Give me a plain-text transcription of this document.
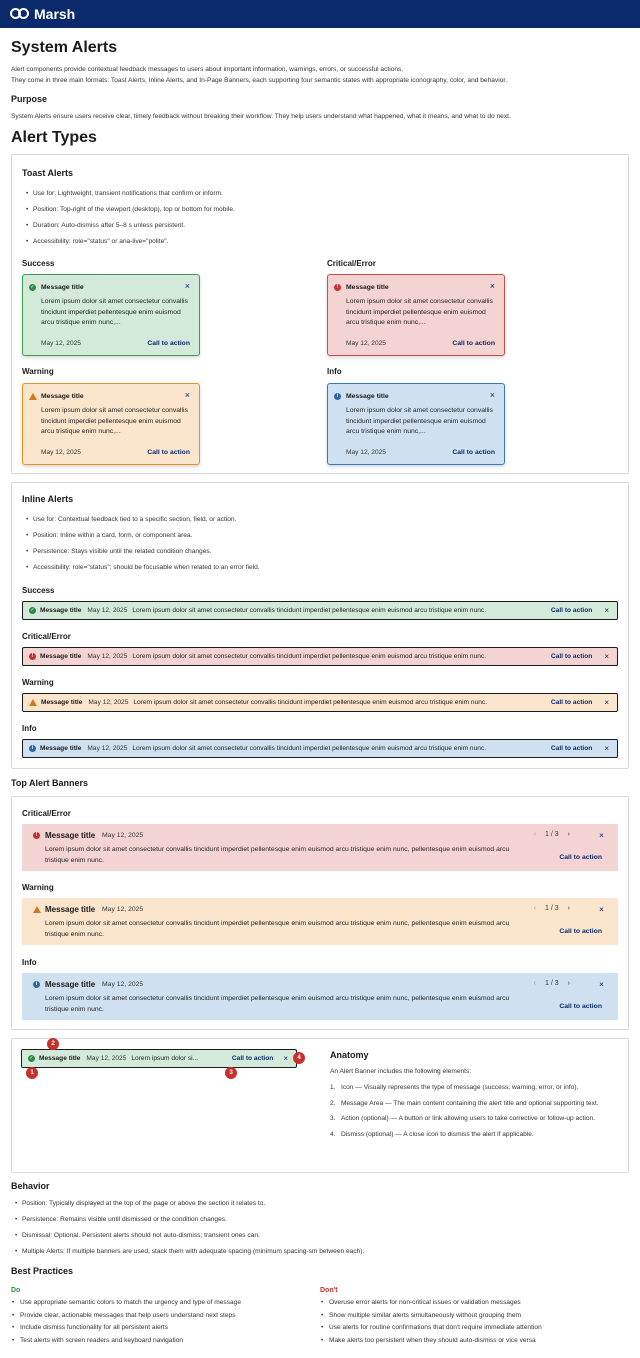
Marsh
System Alerts
Alert components provide contextual feedback messages to users about important information, warnings, errors, or successful actions.
They come in three main formats: Toast Alerts, Inline Alerts, and In-Page Banners, each supporting four semantic states with appropriate iconography, color, and behavior.
Purpose
System Alerts ensure users receive clear, timely feedback without breaking their workflow. They help users understand what happened, what it means, and what to do next.
Alert Types
Toast Alerts
• Use for: Lightweight, transient notifications that confirm or inform.
• Position: Top-right of the viewport (desktop), top or bottom for mobile.
• Duration: Auto-dismiss after 5–8 s unless persistent.
• Accessibility: role="status" or aria-live="polite".
Success
✓ Message title	×
Lorem ipsum dolor sit amet consectetur convallis tincidunt imperdiet pellentesque enim euismod arcu tristique enim nunc,...
May 12, 2025	Call to action
Critical/Error
!	Message title	×
Lorem ipsum dolor sit amet consectetur convallis tincidunt imperdiet pellentesque enim euismod arcu tristique enim nunc,...
May 12, 2025	Call to action
Warning
Message title	×
Lorem ipsum dolor sit amet consectetur convallis tincidunt imperdiet pellentesque enim euismod arcu tristique enim nunc,...
May 12, 2025	Call to action
Info
i	Message title	×
Lorem ipsum dolor sit amet consectetur convallis tincidunt imperdiet pellentesque enim euismod arcu tristique enim nunc,...
May 12, 2025	Call to action
Inline Alerts
• Use for: Contextual feedback tied to a specific section, field, or action.
• Position: Inline within a card, form, or component area.
• Persistence: Stays visible until the related condition changes.
• Accessibility: role="status"; should be focusable when related to an error field.
Success
✓ Message title May 12, 2025 Lorem ipsum dolor sit amet consectetur convallis tincidunt imperdiet pellentesque enim euismod arcu tristique enim nunc.	Call to action ×
Critical/Error
!	Message title May 12, 2025 Lorem ipsum dolor sit amet consectetur convallis tincidunt imperdiet pellentesque enim euismod arcu tristique enim nunc.	Call to action ×
Warning
Message title May 12, 2025 Lorem ipsum dolor sit amet consectetur convallis tincidunt imperdiet pellentesque enim euismod arcu tristique enim nunc.	Call to action ×
Info
i	Message title May 12, 2025 Lorem ipsum dolor sit amet consectetur convallis tincidunt imperdiet pellentesque enim euismod arcu tristique enim nunc.	Call to action ×
Top Alert Banners
Critical/Error
! Message title May 12, 2025
Lorem ipsum dolor sit amet consectetur convallis tincidunt imperdiet pellentesque enim euismod arcu tristique enim nunc, pellentesque enim euismod arcu tristique enim nunc.
‹ 1 / 3 ›	×
Call to action
Warning
Message title May 12, 2025
Lorem ipsum dolor sit amet consectetur convallis tincidunt imperdiet pellentesque enim euismod arcu tristique enim nunc, pellentesque enim euismod arcu tristique enim nunc.
‹ 1 / 3 ›	×
Call to action
Info
i Message title May 12, 2025
Lorem ipsum dolor sit amet consectetur convallis tincidunt imperdiet pellentesque enim euismod arcu tristique enim nunc, pellentesque enim euismod arcu tristique enim nunc.
‹ 1 / 3 ›	×
Call to action
✓ Message title May 12, 2025 Lorem ipsum dolor si...	Call to action ×
1
2
3
4	Anatomy
An Alert Banner includes the following elements:
1. Icon — Visually represents the type of message (success, warning, error, or info).
2. Message Area — The main content containing the alert title and optional supporting text.
3. Action (optional) — A button or link allowing users to take corrective or follow-up action.
4. Dismiss (optional) — A close icon to dismiss the alert if applicable.
Behavior
• Position: Typically displayed at the top of the page or above the section it relates to.
• Persistence: Remains visible until dismissed or the condition changes.
• Dismissal: Optional. Persistent alerts should not auto-dismiss; transient ones can.
• Multiple Alerts: If multiple banners are used, stack them with adequate spacing (minimum spacing-sm between each).
Best Practices
Do	Don't
• Use appropriate semantic colors to match the urgency and type of message
• Provide clear, actionable messages that help users understand next steps
• Include dismiss functionality for all persistent alerts
• Test alerts with screen readers and keyboard navigation
• Overuse error alerts for non-critical issues or validation messages
• Show multiple similar alerts simultaneously without grouping them
• Use alerts for routine confirmations that don't require immediate attention
• Make alerts too persistent when they should auto-dismiss or vice versa
